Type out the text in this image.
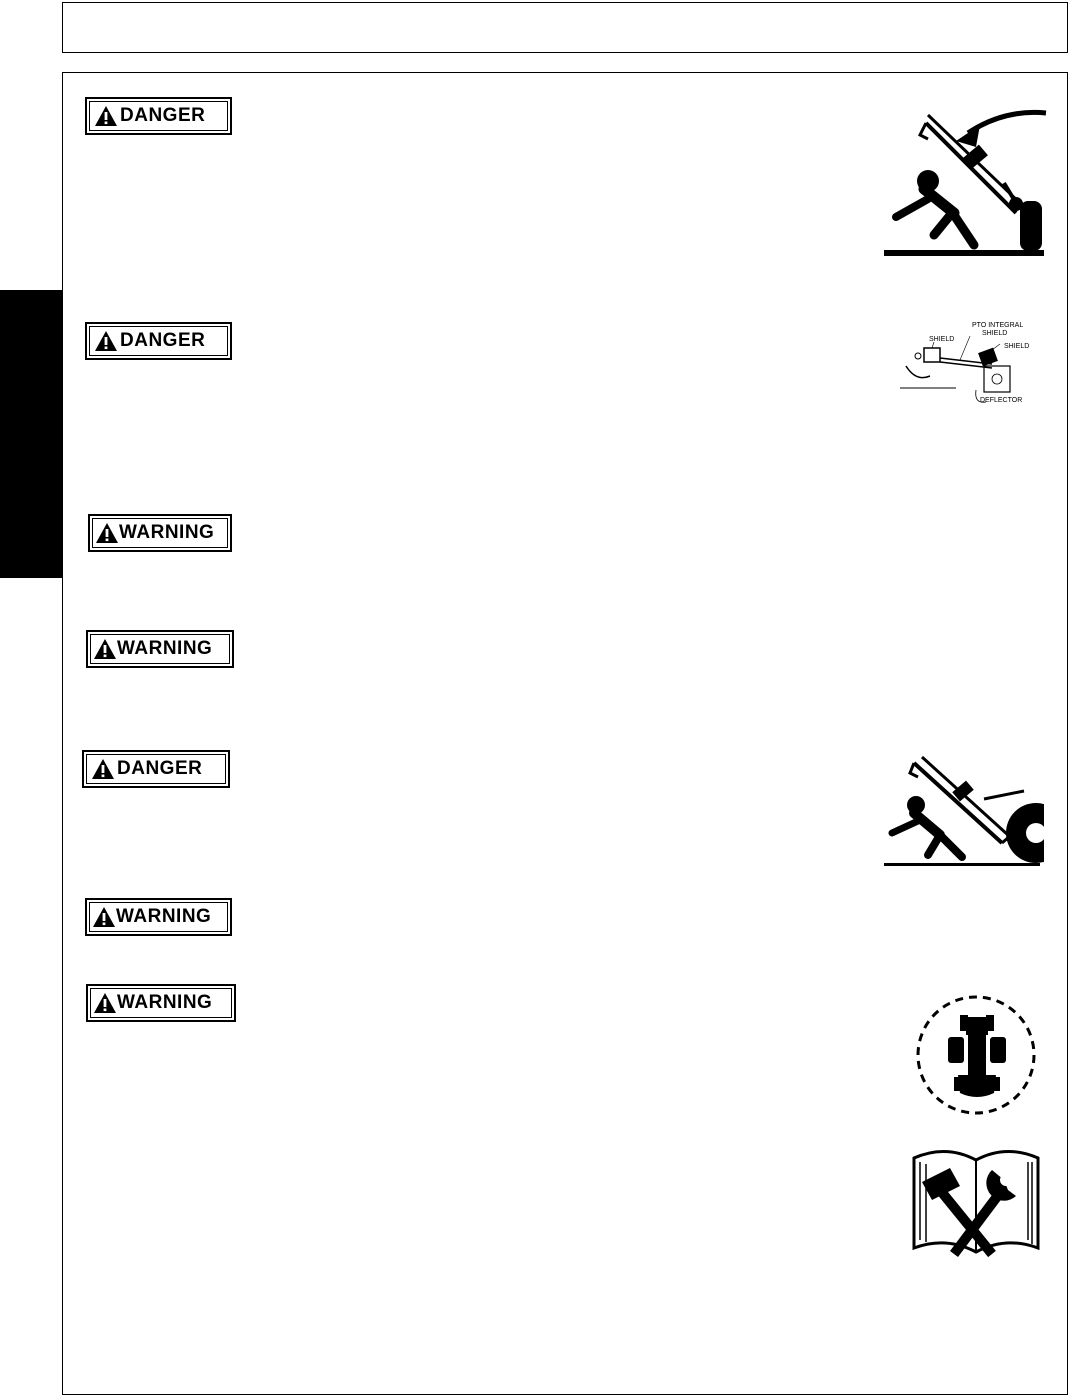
DANGER
DANGER
WARNING
WARNING
DANGER
WARNING
WARNING
SHIELD
PTO INTEGRAL
SHIELD
SHIELD
DEFLECTOR
